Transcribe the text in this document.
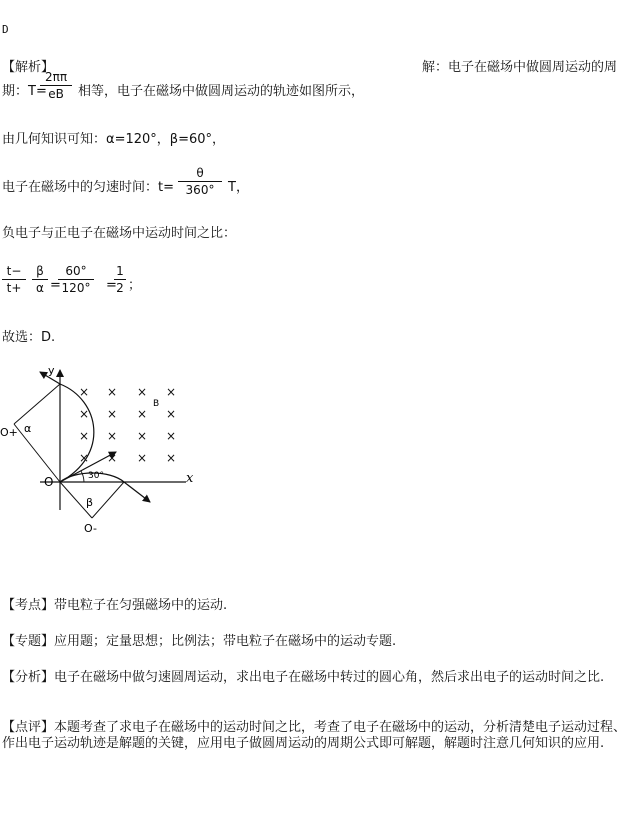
D
【解析】	解：电子在磁场中做圆周运动的周
期：T=
2ππ
eB	相等，电子在磁场中做圆周运动的轨迹如图所示，
由几何知识可知：α=120°，β=60°，
电子在磁场中的匀速时间：t=
θ
360°	T，
负电子与正电子在磁场中运动时间之比：
t−
t+
β
α =
60°
120° =
1
2 ；
故选：D.
× × × ×
× × × ×
× × × ×
× × × ×
y
x
O
O+
O-
α
β
B
30°
【考点】带电粒子在匀强磁场中的运动.
【专题】应用题；定量思想；比例法；带电粒子在磁场中的运动专题.
【分析】电子在磁场中做匀速圆周运动，求出电子在磁场中转过的圆心角，然后求出电子的运动时间之比.
【点评】本题考查了求电子在磁场中的运动时间之比，考查了电子在磁场中的运动，分析清楚电子运动过程、作出电子运动轨迹是解题的关键，应用电子做圆周运动的周期公式即可解题，解题时注意几何知识的应用.
